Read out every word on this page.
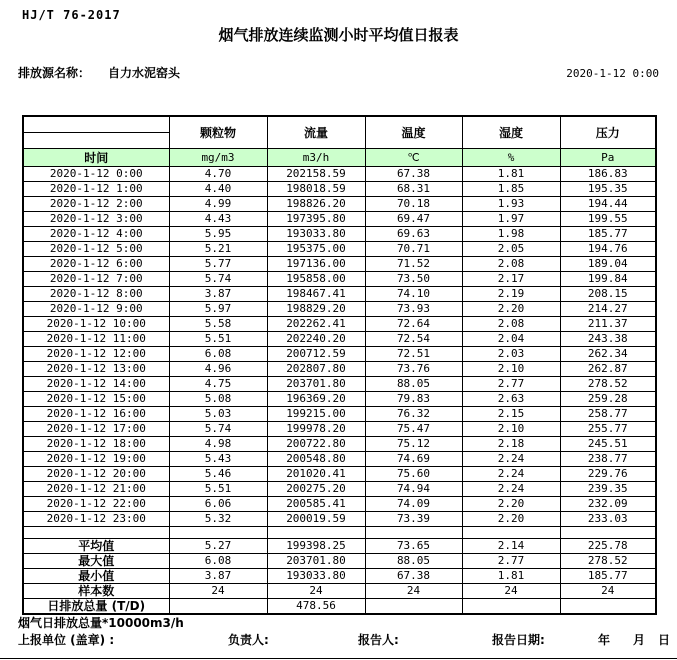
HJ/T 76-2017
烟气排放连续监测小时平均值日报表
排放源名称： 自力水泥窑头	2020-1-12 0:00
	颗粒物	流量	温度	湿度	压力
时间	mg/m3	m3/h	℃	%	Pa
2020-1-12 0:00	4.70	202158.59	67.38	1.81	186.83
2020-1-12 1:00	4.40	198018.59	68.31	1.85	195.35
2020-1-12 2:00	4.99	198826.20	70.18	1.93	194.44
2020-1-12 3:00	4.43	197395.80	69.47	1.97	199.55
2020-1-12 4:00	5.95	193033.80	69.63	1.98	185.77
2020-1-12 5:00	5.21	195375.00	70.71	2.05	194.76
2020-1-12 6:00	5.77	197136.00	71.52	2.08	189.04
2020-1-12 7:00	5.74	195858.00	73.50	2.17	199.84
2020-1-12 8:00	3.87	198467.41	74.10	2.19	208.15
2020-1-12 9:00	5.97	198829.20	73.93	2.20	214.27
2020-1-12 10:00	5.58	202262.41	72.64	2.08	211.37
2020-1-12 11:00	5.51	202240.20	72.54	2.04	243.38
2020-1-12 12:00	6.08	200712.59	72.51	2.03	262.34
2020-1-12 13:00	4.96	202807.80	73.76	2.10	262.87
2020-1-12 14:00	4.75	203701.80	88.05	2.77	278.52
2020-1-12 15:00	5.08	196369.20	79.83	2.63	259.28
2020-1-12 16:00	5.03	199215.00	76.32	2.15	258.77
2020-1-12 17:00	5.74	199978.20	75.47	2.10	255.77
2020-1-12 18:00	4.98	200722.80	75.12	2.18	245.51
2020-1-12 19:00	5.43	200548.80	74.69	2.24	238.77
2020-1-12 20:00	5.46	201020.41	75.60	2.24	229.76
2020-1-12 21:00	5.51	200275.20	74.94	2.24	239.35
2020-1-12 22:00	6.06	200585.41	74.09	2.20	232.09
2020-1-12 23:00	5.32	200019.59	73.39	2.20	233.03

平均值	5.27	199398.25	73.65	2.14	225.78
最大值	6.08	203701.80	88.05	2.77	278.52
最小值	3.87	193033.80	67.38	1.81	185.77
样本数	24	24	24	24	24
日排放总量 (T/D)		478.56			
烟气日排放总量*10000m3/h
上报单位 (盖章) :	负责人:	报告人:	报告日期:	年 月 日
